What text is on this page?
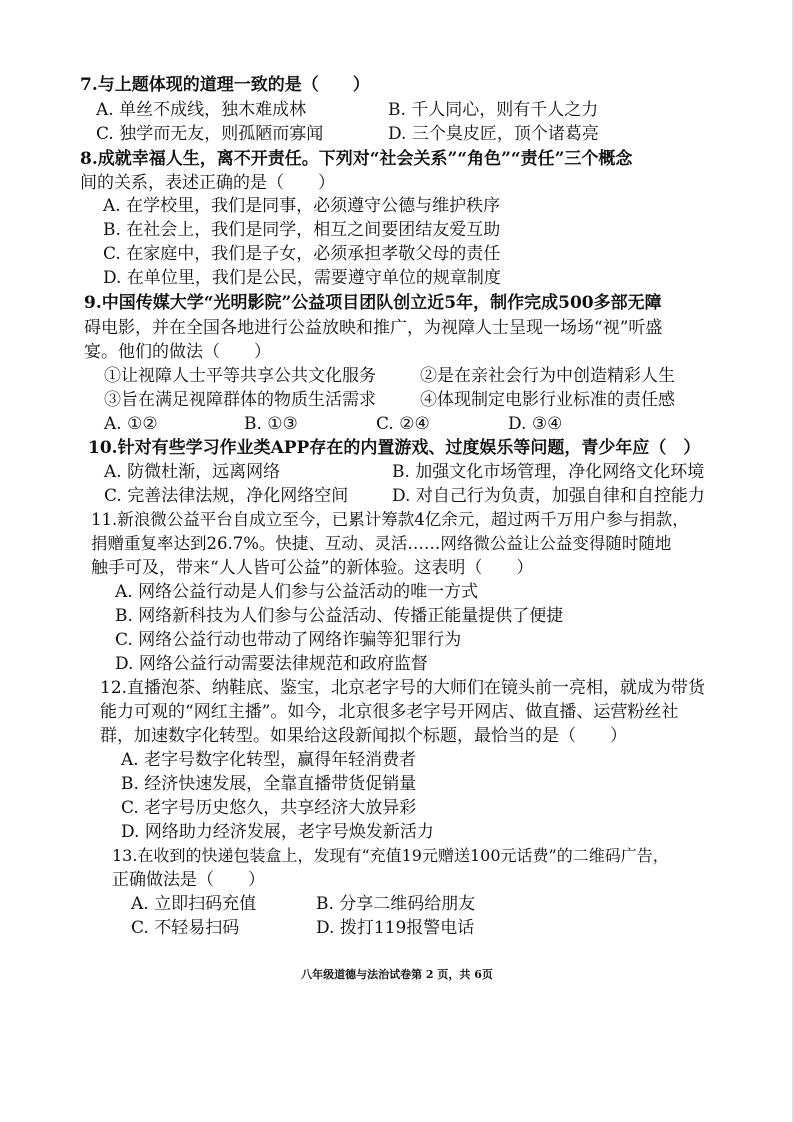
7.与上题体现的道理一致的是（　　）
A. 单丝不成线，独木难成林	B. 千人同心，则有千人之力
C. 独学而无友，则孤陋而寡闻	D. 三个臭皮匠，顶个诸葛亮
8.成就幸福人生，离不开责任。下列对“社会关系”“角色”“责任”三个概念
间的关系，表述正确的是（　　）
A. 在学校里，我们是同事，必须遵守公德与维护秩序
B. 在社会上，我们是同学，相互之间要团结友爱互助
C. 在家庭中，我们是子女，必须承担孝敬父母的责任
D. 在单位里，我们是公民，需要遵守单位的规章制度
9.中国传媒大学“光明影院”公益项目团队创立近5年，制作完成500多部无障
碍电影，并在全国各地进行公益放映和推广，为视障人士呈现一场场“视”听盛
宴。他们的做法（　　）
①让视障人士平等共享公共文化服务	②是在亲社会行为中创造精彩人生
③旨在满足视障群体的物质生活需求	④体现制定电影行业标准的责任感
A. ①②	B. ①③	C. ②④	D. ③④
10.针对有些学习作业类APP存在的内置游戏、过度娱乐等问题，青少年应（　）
A. 防微杜渐，远离网络	B. 加强文化市场管理，净化网络文化环境
C. 完善法律法规，净化网络空间	D. 对自己行为负责，加强自律和自控能力
11.新浪微公益平台自成立至今，已累计筹款4亿余元，超过两千万用户参与捐款，
捐赠重复率达到26.7%。快捷、互动、灵活……网络微公益让公益变得随时随地
触手可及，带来“人人皆可公益”的新体验。这表明（　　）
A. 网络公益行动是人们参与公益活动的唯一方式
B. 网络新科技为人们参与公益活动、传播正能量提供了便捷
C. 网络公益行动也带动了网络诈骗等犯罪行为
D. 网络公益行动需要法律规范和政府监督
12.直播泡茶、纳鞋底、鉴宝，北京老字号的大师们在镜头前一亮相，就成为带货
能力可观的“网红主播”。如今，北京很多老字号开网店、做直播、运营粉丝社
群，加速数字化转型。如果给这段新闻拟个标题，最恰当的是（　　）
A. 老字号数字化转型，赢得年轻消费者
B. 经济快速发展，全靠直播带货促销量
C. 老字号历史悠久，共享经济大放异彩
D. 网络助力经济发展，老字号焕发新活力
13.在收到的快递包装盒上，发现有“充值19元赠送100元话费”的二维码广告，
正确做法是（　　）
A. 立即扫码充值	B. 分享二维码给朋友
C. 不轻易扫码	D. 拨打119报警电话
八年级道德与法治试卷第 2 页，共 6页
